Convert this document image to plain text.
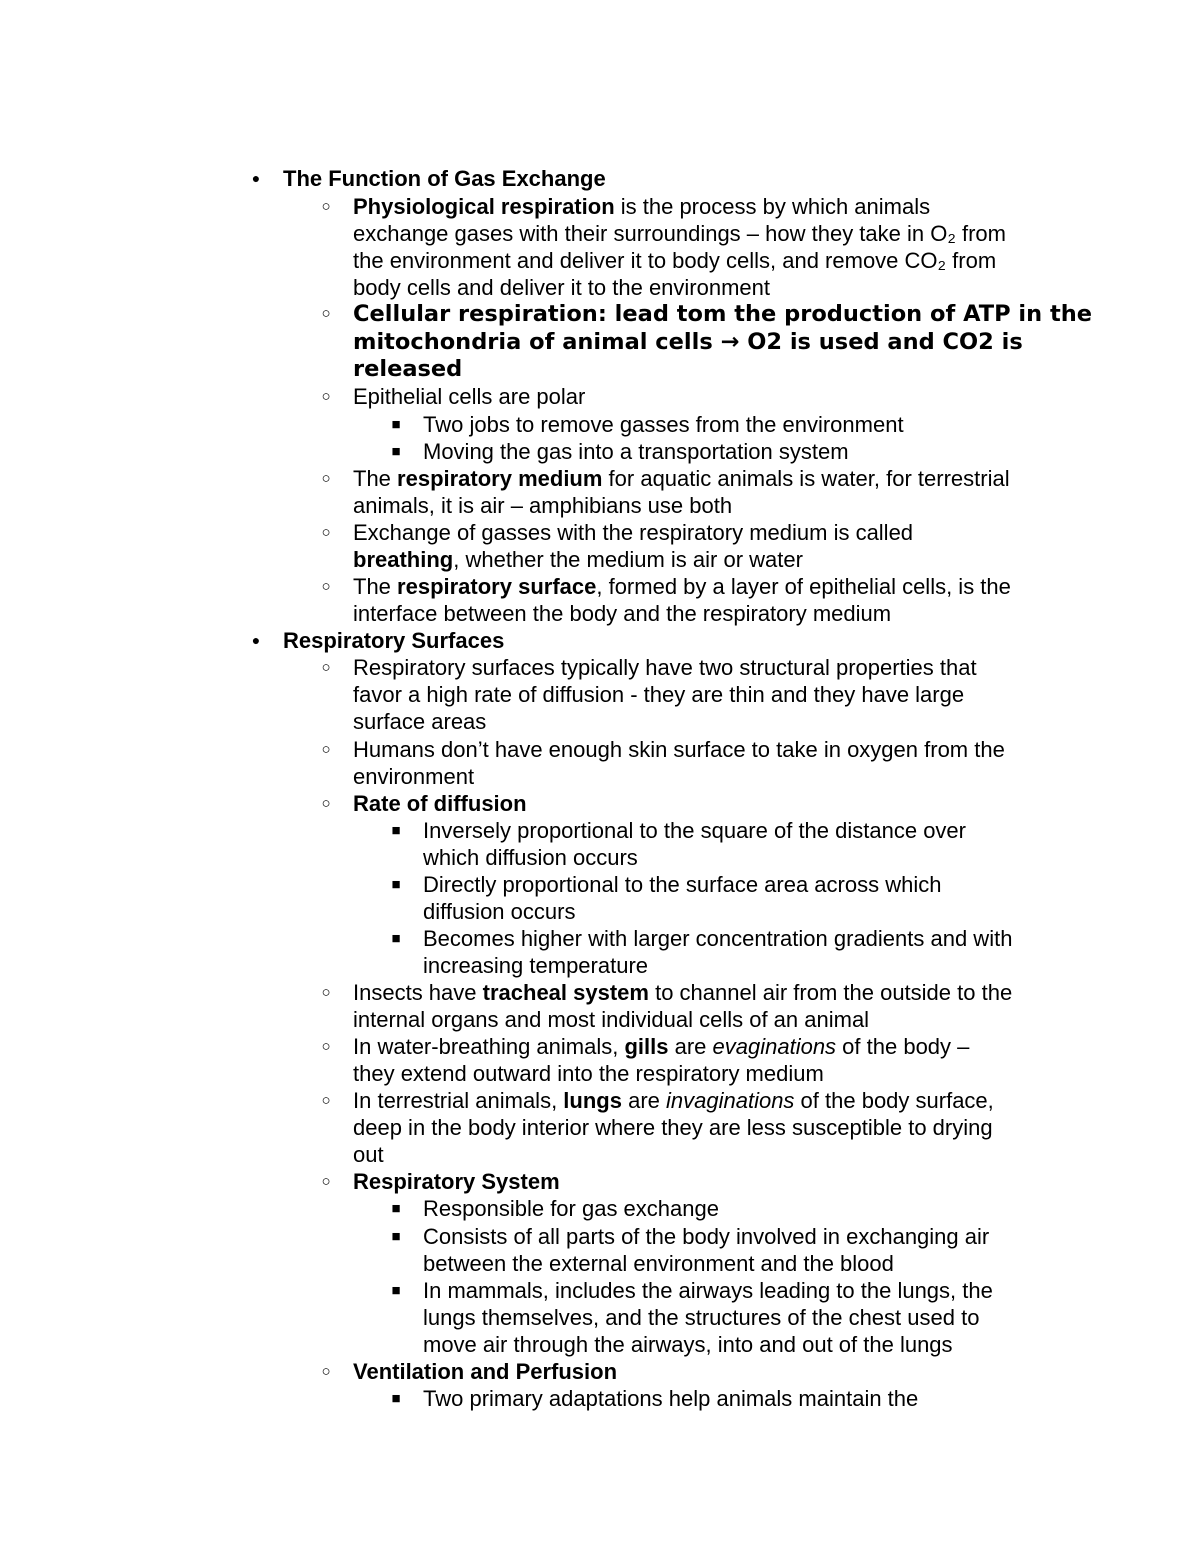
● The Function of Gas Exchange
○ Physiological respiration is the process by which animals
exchange gases with their surroundings – how they take in O₂ from
the environment and deliver it to body cells, and remove CO₂ from
body cells and deliver it to the environment
○ Cellular respiration: lead tom the production of ATP in the
mitochondria of animal cells → O2 is used and CO2 is
released
○ Epithelial cells are polar
■ Two jobs to remove gasses from the environment
■ Moving the gas into a transportation system
○ The respiratory medium for aquatic animals is water, for terrestrial
animals, it is air – amphibians use both
○ Exchange of gasses with the respiratory medium is called
breathing, whether the medium is air or water
○ The respiratory surface, formed by a layer of epithelial cells, is the
interface between the body and the respiratory medium
● Respiratory Surfaces
○ Respiratory surfaces typically have two structural properties that
favor a high rate of diffusion - they are thin and they have large
surface areas
○ Humans don’t have enough skin surface to take in oxygen from the
environment
○ Rate of diffusion
■ Inversely proportional to the square of the distance over
which diffusion occurs
■ Directly proportional to the surface area across which
diffusion occurs
■ Becomes higher with larger concentration gradients and with
increasing temperature
○ Insects have tracheal system to channel air from the outside to the
internal organs and most individual cells of an animal
○ In water-breathing animals, gills are evaginations of the body –
they extend outward into the respiratory medium
○ In terrestrial animals, lungs are invaginations of the body surface,
deep in the body interior where they are less susceptible to drying
out
○ Respiratory System
■ Responsible for gas exchange
■ Consists of all parts of the body involved in exchanging air
between the external environment and the blood
■ In mammals, includes the airways leading to the lungs, the
lungs themselves, and the structures of the chest used to
move air through the airways, into and out of the lungs
○ Ventilation and Perfusion
■ Two primary adaptations help animals maintain the
